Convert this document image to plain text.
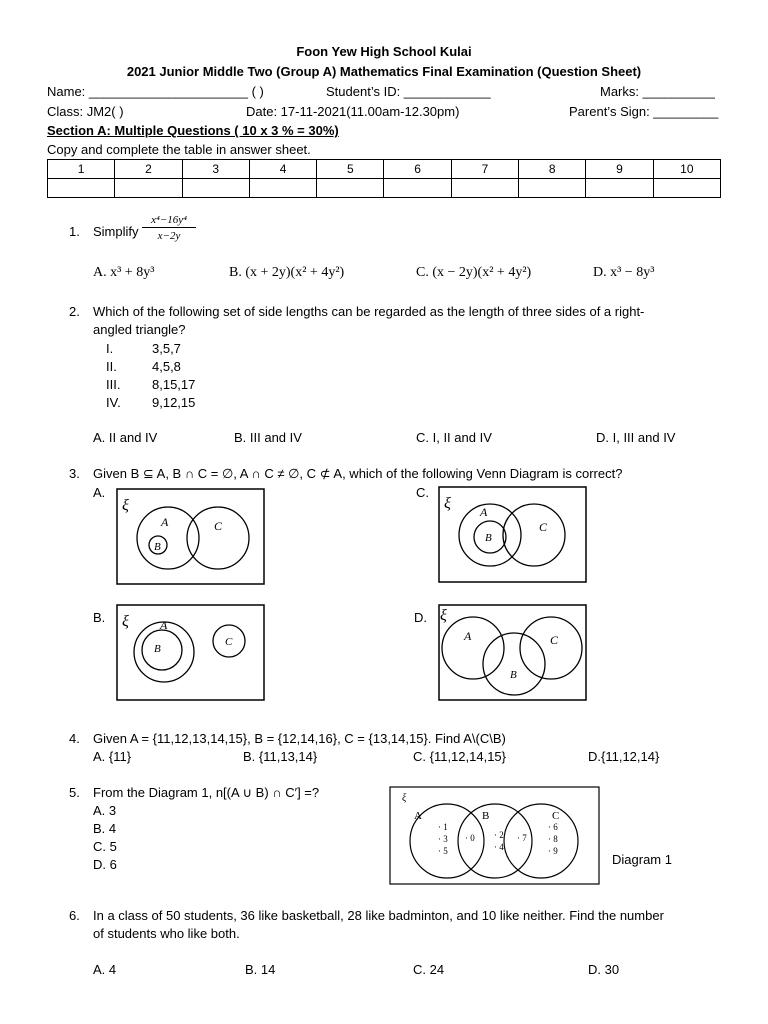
Foon Yew High School Kulai
2021 Junior Middle Two (Group A) Mathematics Final Examination (Question Sheet)
Name: ______________________ ( )	Student’s ID: ____________	Marks: __________
Class: JM2( )	Date: 17-11-2021(11.00am-12.30pm)	Parent’s Sign: _________
Section A: Multiple Questions ( 10 x 3 % = 30%)
Copy and complete the table in answer sheet.
1	2	3	4	5	6	7	8	9	10

1. Simplify
x⁴−16y⁴
x−2y
A. x³ + 8y³	B. (x + 2y)(x² + 4y²)	C. (x − 2y)(x² + 4y²)	D. x³ − 8y³
2. Which of the following set of side lengths can be regarded as the length of three sides of a right-
angled triangle?
I.	3,5,7
II.	4,5,8
III. 8,15,17
IV. 9,12,15
A. II and IV	B. III and IV	C. I, II and IV	D. I, III and IV
3. Given B ⊆ A, B ∩ C = ∅, A ∩ C ≠ ∅, C ⊄ A, which of the following Venn Diagram is correct?
A.	C.
B.	D.
ξ
A
B
C
ξ A
B
C
ξ	A
B
C
ξ
A
B
C
4. Given A = {11,12,13,14,15}, B = {12,14,16}, C = {13,14,15}. Find A\(C\B)
A. {11}	B. {11,13,14}	C. {11,12,14,15}	D.{11,12,14}
5. From the Diagram 1, n[(A ∪ B) ∩ C′] =?
A. 3
B. 4
C. 5
D. 6	Diagram 1
ξ
A	B	C
· 1
· 3
· 5
· 0 · 2
· 4
· 7
· 6
· 8
· 9
6. In a class of 50 students, 36 like basketball, 28 like badminton, and 10 like neither. Find the number
of students who like both.
A. 4	B. 14	C. 24	D. 30
